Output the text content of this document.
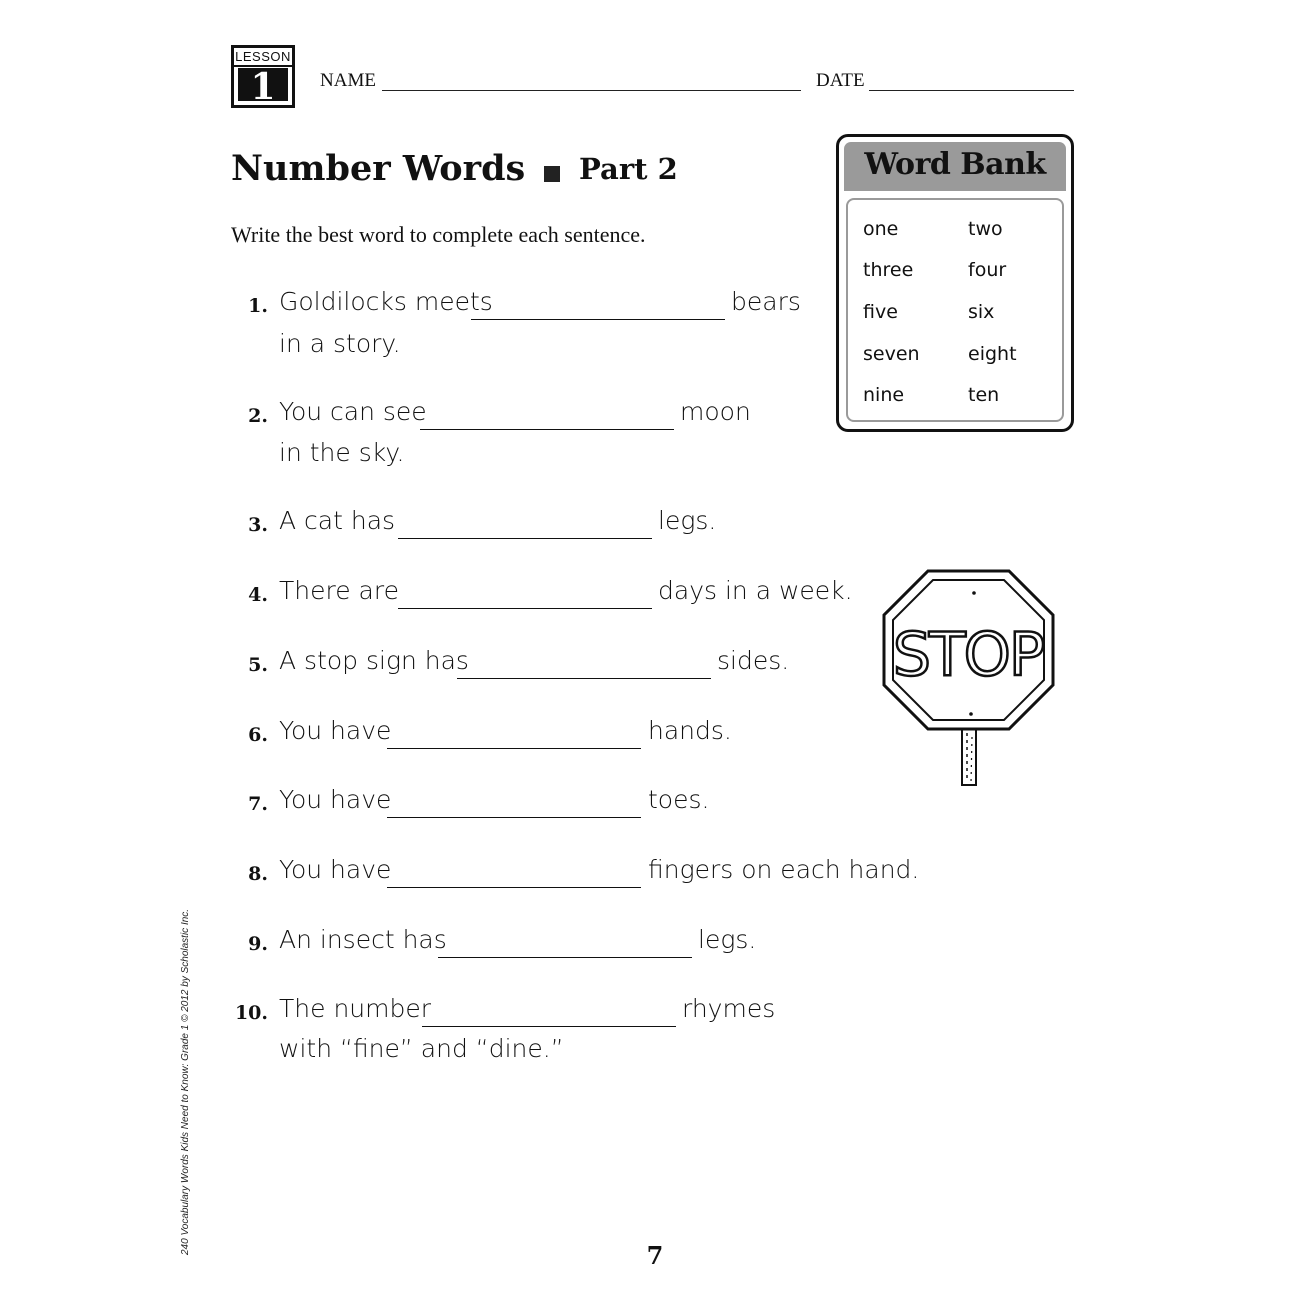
LESSON
1	NAME	DATE
Number Words Part 2
Write the best word to complete each sentence.
1. Goldilocks meets	bears
in a story.
2. You can see	moon
in the sky.
3. A cat has	legs.
4. There are	days in a week.
5. A stop sign has	sides.
6. You have	hands.
7. You have	toes.
8. You have	fingers on each hand.
9. An insect has	legs.
10. The number	rhymes
with “fine” and “dine.”
Word Bank
one	two
three	four
five	six
seven	eight
nine	ten
STOP
240 Vocabulary Words Kids Need to Know: Grade 1 © 2012 by Scholastic Inc.
7
